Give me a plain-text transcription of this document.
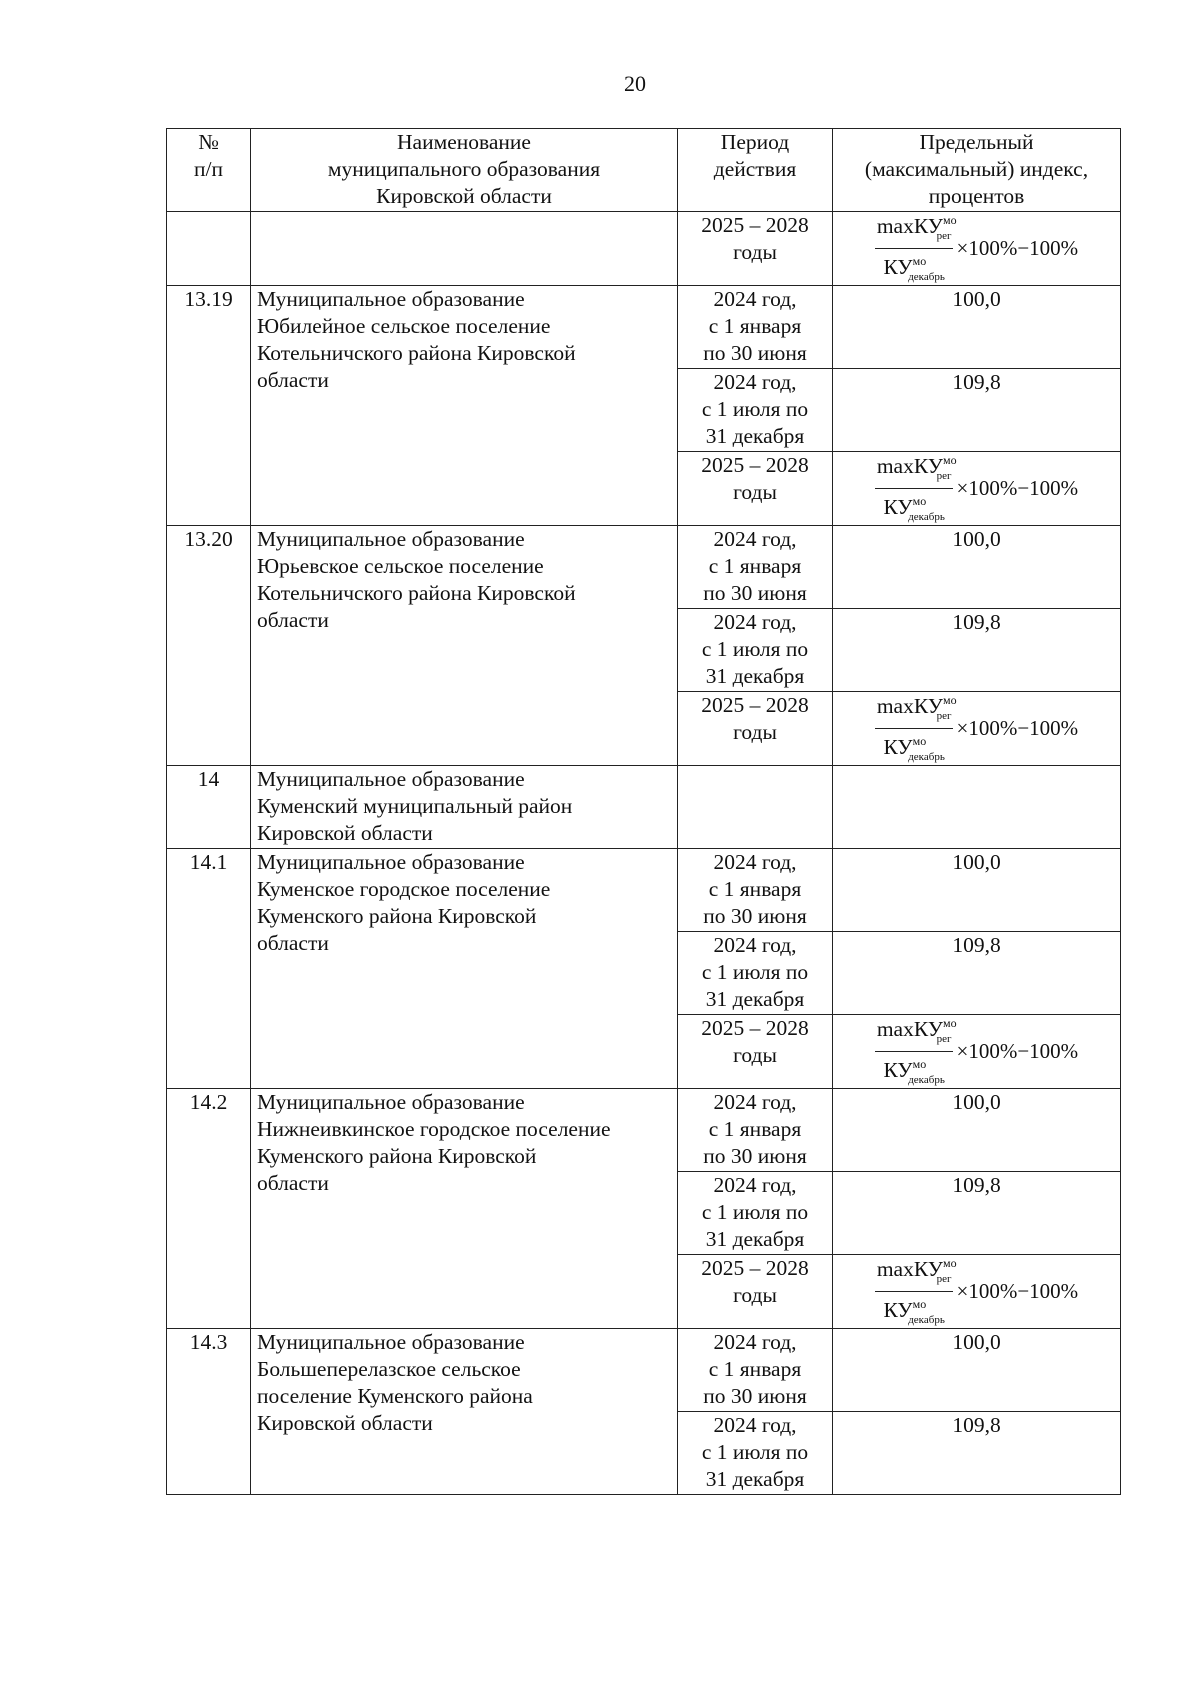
20
№
п/п	Наименование
муниципального образования
Кировской области	Период
действия	Предельный
(максимальный) индекс,
процентов
		2025 – 2028
годы	$\frac{\max КУ^{мо}_{рег}}{КУ^{мо}_{декабрь}} \times 100\%-100\%$

13.19	Муниципальное образование
Юбилейное сельское поселение
Котельничского района Кировской
области	2024 год,
с 1 января
по 30 июня	100,0

		2024 год,
с 1 июля по
31 декабря	109,8

		2025 – 2028
годы	$\frac{\max КУ^{мо}_{рег}}{КУ^{мо}_{декабрь}} \times 100\%-100\%$

13.20	Муниципальное образование
Юрьевское сельское поселение
Котельничского района Кировской
области	2024 год,
с 1 января
по 30 июня	100,0

		2024 год,
с 1 июля по
31 декабря	109,8

		2025 – 2028
годы	$\frac{\max КУ^{мо}_{рег}}{КУ^{мо}_{декабрь}} \times 100\%-100\%$

14	Муниципальное образование
Куменский муниципальный район
Кировской области		
14.1	Муниципальное образование
Куменское городское поселение
Куменского района Кировской
области	2024 год,
с 1 января
по 30 июня	100,0

		2024 год,
с 1 июля по
31 декабря	109,8

		2025 – 2028
годы	$\frac{\max КУ^{мо}_{рег}}{КУ^{мо}_{декабрь}} \times 100\%-100\%$

14.2	Муниципальное образование
Нижнеивкинское городское поселение
Куменского района Кировской
области	2024 год,
с 1 января
по 30 июня	100,0

		2024 год,
с 1 июля по
31 декабря	109,8

		2025 – 2028
годы	$\frac{\max КУ^{мо}_{рег}}{КУ^{мо}_{декабрь}} \times 100\%-100\%$

14.3	Муниципальное образование
Большеперелазское сельское
поселение Куменского района
Кировской области	2024 год,
с 1 января
по 30 июня	100,0

		2024 год,
с 1 июля по
31 декабря	109,8
